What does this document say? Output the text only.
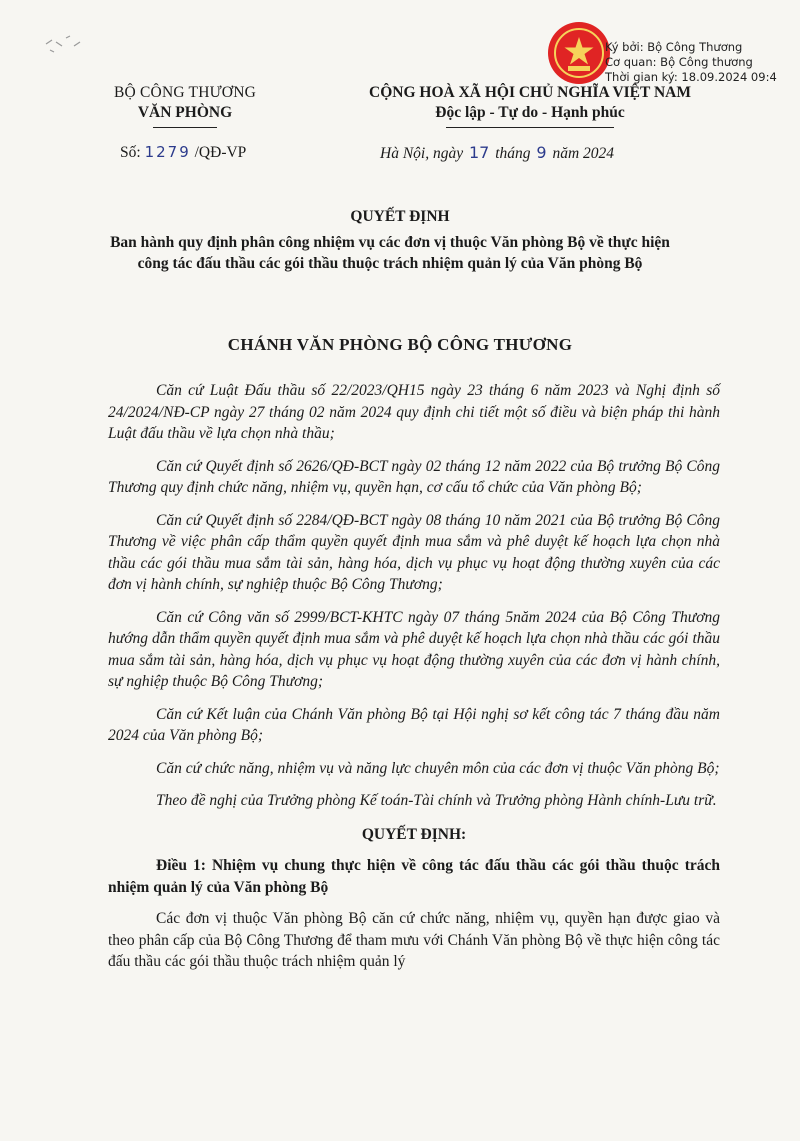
BỘ CÔNG THƯƠNG
VĂN PHÒNG
CỘNG HOÀ XÃ HỘI CHỦ NGHĨA VIỆT NAM
Độc lập - Tự do - Hạnh phúc
Ký bởi: Bộ Công Thương
Cơ quan: Bộ Công thương
Thời gian ký: 18.09.2024 09:4
Số: 1279 /QĐ-VP	Hà Nội, ngày 17 tháng 9 năm 2024
QUYẾT ĐỊNH
Ban hành quy định phân công nhiệm vụ các đơn vị thuộc Văn phòng Bộ về thực hiện công tác đấu thầu các gói thầu thuộc trách nhiệm quản lý của Văn phòng Bộ
CHÁNH VĂN PHÒNG BỘ CÔNG THƯƠNG

Căn cứ Luật Đấu thầu số 22/2023/QH15 ngày 23 tháng 6 năm 2023 và Nghị định số 24/2024/NĐ-CP ngày 27 tháng 02 năm 2024 quy định chi tiết một số điều và biện pháp thi hành Luật đấu thầu về lựa chọn nhà thầu;

Căn cứ Quyết định số 2626/QĐ-BCT ngày 02 tháng 12 năm 2022 của Bộ trưởng Bộ Công Thương quy định chức năng, nhiệm vụ, quyền hạn, cơ cấu tổ chức của Văn phòng Bộ;

Căn cứ Quyết định số 2284/QĐ-BCT ngày 08 tháng 10 năm 2021 của Bộ trưởng Bộ Công Thương về việc phân cấp thẩm quyền quyết định mua sắm và phê duyệt kế hoạch lựa chọn nhà thầu các gói thầu mua sắm tài sản, hàng hóa, dịch vụ phục vụ hoạt động thường xuyên của các đơn vị hành chính, sự nghiệp thuộc Bộ Công Thương;

Căn cứ Công văn số 2999/BCT-KHTC ngày 07 tháng 5năm 2024 của Bộ Công Thương hướng dẫn thẩm quyền quyết định mua sắm và phê duyệt kế hoạch lựa chọn nhà thầu các gói thầu mua sắm tài sản, hàng hóa, dịch vụ phục vụ hoạt động thường xuyên của các đơn vị hành chính, sự nghiệp thuộc Bộ Công Thương;

Căn cứ Kết luận của Chánh Văn phòng Bộ tại Hội nghị sơ kết công tác 7 tháng đầu năm 2024 của Văn phòng Bộ;

Căn cứ chức năng, nhiệm vụ và năng lực chuyên môn của các đơn vị thuộc Văn phòng Bộ;

Theo đề nghị của Trưởng phòng Kế toán-Tài chính và Trưởng phòng Hành chính-Lưu trữ.

QUYẾT ĐỊNH:

Điều 1: Nhiệm vụ chung thực hiện về công tác đấu thầu các gói thầu thuộc trách nhiệm quản lý của Văn phòng Bộ

Các đơn vị thuộc Văn phòng Bộ căn cứ chức năng, nhiệm vụ, quyền hạn được giao và theo phân cấp của Bộ Công Thương để tham mưu với Chánh Văn phòng Bộ về thực hiện công tác đấu thầu các gói thầu thuộc trách nhiệm quản lý
